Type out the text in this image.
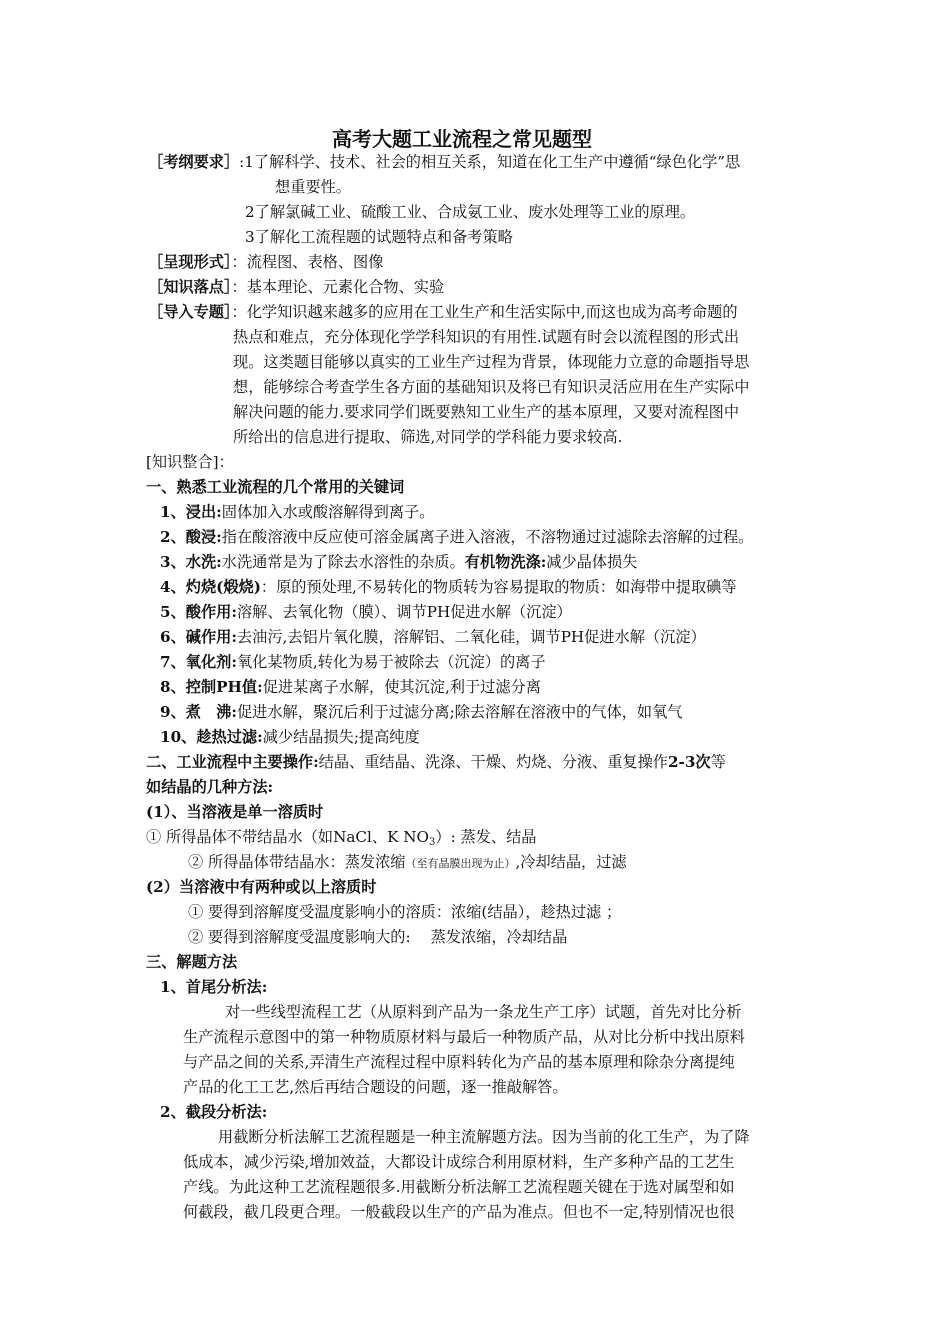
高考大题工业流程之常见题型
［考纲要求］:1了解科学、技术、社会的相互关系，知道在化工生产中遵循“绿色化学”思
想重要性。
2了解氯碱工业、硫酸工业、合成氨工业、废水处理等工业的原理。
3了解化工流程题的试题特点和备考策略
［呈现形式］：流程图、表格、图像
［知识落点］：基本理论、元素化合物、实验
［导入专题］：化学知识越来越多的应用在工业生产和生活实际中,而这也成为高考命题的
热点和难点，充分体现化学学科知识的有用性.试题有时会以流程图的形式出
现。这类题目能够以真实的工业生产过程为背景，体现能力立意的命题指导思
想，能够综合考查学生各方面的基础知识及将已有知识灵活应用在生产实际中
解决问题的能力.要求同学们既要熟知工业生产的基本原理，又要对流程图中
所给出的信息进行提取、筛选,对同学的学科能力要求较高.
[知识整合]：
一、熟悉工业流程的几个常用的关键词
1、浸出:固体加入水或酸溶解得到离子。
2、酸浸:指在酸溶液中反应使可溶金属离子进入溶液，不溶物通过过滤除去溶解的过程。
3、水洗:水洗通常是为了除去水溶性的杂质。有机物洗涤:减少晶体损失
4、灼烧(煅烧)：原的预处理,不易转化的物质转为容易提取的物质：如海带中提取碘等
5、酸作用:溶解、去氧化物（膜）、调节PH促进水解（沉淀）
6、碱作用:去油污,去铝片氧化膜，溶解铝、二氧化硅，调节PH促进水解（沉淀）
7、氧化剂:氧化某物质,转化为易于被除去（沉淀）的离子
8、控制PH值:促进某离子水解，使其沉淀,利于过滤分离
9、煮　沸:促进水解，聚沉后利于过滤分离;除去溶解在溶液中的气体，如氧气
10、趁热过滤:减少结晶损失;提高纯度
二、工业流程中主要操作:结晶、重结晶、洗涤、干燥、灼烧、分液、重复操作2-3次等
如结晶的几种方法:
(1）、当溶液是单一溶质时
① 所得晶体不带结晶水（如NaCl、K $NO_3$）: 蒸发、结晶
② 所得晶体带结晶水：蒸发浓缩（至有晶膜出现为止）,冷却结晶，过滤
(2）当溶液中有两种或以上溶质时
① 要得到溶解度受温度影响小的溶质：浓缩(结晶），趁热过滤 ；
② 要得到溶解度受温度影响大的:　 蒸发浓缩，冷却结晶
三、解题方法
1、首尾分析法:
对一些线型流程工艺（从原料到产品为一条龙生产工序）试题，首先对比分析
生产流程示意图中的第一种物质原材料与最后一种物质产品，从对比分析中找出原料
与产品之间的关系,弄清生产流程过程中原料转化为产品的基本原理和除杂分离提纯
产品的化工工艺,然后再结合题设的问题，逐一推敲解答。
2、截段分析法:
用截断分析法解工艺流程题是一种主流解题方法。因为当前的化工生产，为了降
低成本，减少污染,增加效益，大都设计成综合利用原材料，生产多种产品的工艺生
产线。为此这种工艺流程题很多.用截断分析法解工艺流程题关键在于选对属型和如
何截段，截几段更合理。一般截段以生产的产品为准点。但也不一定,特别情况也很
